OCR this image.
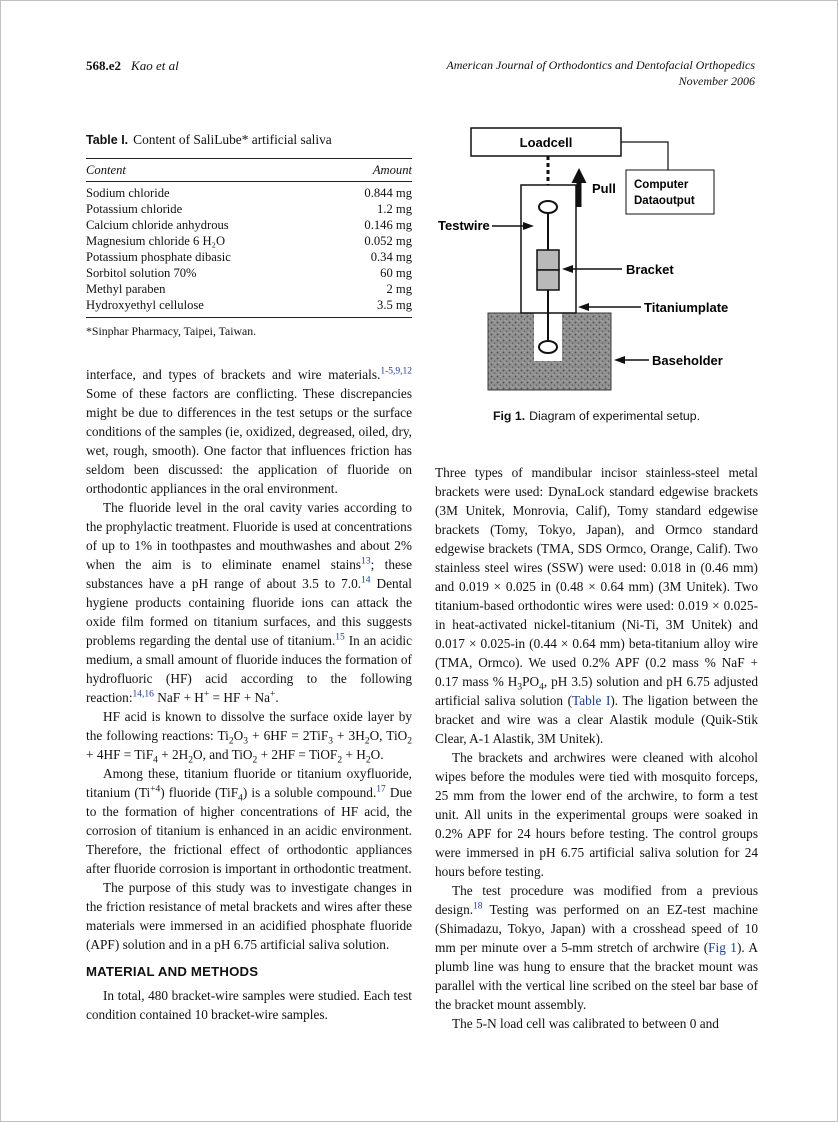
568.e2 Kao et al	American Journal of Orthodontics and Dentofacial Orthopedics
November 2006
Table I. Content of SaliLube* artificial saliva
Content	Amount
Sodium chloride	0.844 mg
Potassium chloride	1.2 mg
Calcium chloride anhydrous	0.146 mg
Magnesium chloride 6 H₂O	0.052 mg
Potassium phosphate dibasic	0.34 mg
Sorbitol solution 70%	60 mg
Methyl paraben	2 mg
Hydroxyethyl cellulose	3.5 mg
*Sinphar Pharmacy, Taipei, Taiwan.

interface, and types of brackets and wire materials.$^{1-5,9,12}$ Some of these factors are conflicting. These discrepancies might be due to differences in the test setups or the surface conditions of the samples (ie, oxidized, degreased, oiled, dry, wet, rough, smooth). One factor that influences friction has seldom been discussed: the application of fluoride on orthodontic appliances in the oral environment.

The fluoride level in the oral cavity varies according to the prophylactic treatment. Fluoride is used at concentrations of up to 1% in toothpastes and mouthwashes and about 2% when the aim is to eliminate enamel stains$^{13}$; these substances have a pH range of about 3.5 to 7.0.14 Dental hygiene products containing fluoride ions can attack the oxide film formed on titanium surfaces, and this suggests problems regarding the dental use of titanium.$^{15}$ In an acidic medium, a small amount of fluoride induces the formation of hydrofluoric (HF) acid according to the following reaction:$^{14,16}$ NaF + H+ = HF + Na+.

HF acid is known to dissolve the surface oxide layer by the following reactions: $Ti_2O_3 + 6HF = 2TiF_3 + 3H_2O$, $TiO_2 + 4HF = TiF_4 + 2H_2O$, and TiO$_2$ + 2HF = TiOF$_2$ + $H_2O$.

Among these, titanium fluoride or titanium oxyfluoride, titanium $(Ti^{+4})$ fluoride (TiF$_4$) is a soluble compound.$^{17}$ Due to the formation of higher concentrations of HF acid, the corrosion of titanium is enhanced in an acidic environment. Therefore, the frictional effect of orthodontic appliances after fluoride corrosion is important in orthodontic treatment.

The purpose of this study was to investigate changes in the friction resistance of metal brackets and wires after these materials were immersed in an acidified phosphate fluoride (APF) solution and in a pH 6.75 artificial saliva solution.

MATERIAL AND METHODS

In total, 480 bracket-wire samples were studied. Each test condition contained 10 bracket-wire samples.

Loadcell
Computer
Dataoutput
Pull
Testwire
Bracket
Titaniumplate
Baseholder
Fig 1. Diagram of experimental setup.

Three types of mandibular incisor stainless-steel metal brackets were used: DynaLock standard edgewise brackets (3M Unitek, Monrovia, Calif), Tomy standard edgewise brackets (Tomy, Tokyo, Japan), and Ormco standard edgewise brackets (TMA, SDS Ormco, Orange, Calif). Two stainless steel wires (SSW) were used: 0.018 in (0.46 mm) and 0.019 × 0.025 in (0.48 × 0.64 mm) (3M Unitek). Two titanium-based orthodontic wires were used: 0.019 × 0.025-in heat-activated nickel-titanium (Ni-Ti, 3M Unitek) and 0.017 × 0.025-in (0.44 × 0.64 mm) beta-titanium alloy wire (TMA, Ormco). We used 0.2% APF (0.2 mass % NaF + 0.17 mass % $H_3PO_4$, pH 3.5) solution and pH 6.75 adjusted artificial saliva solution (Table I). The ligation between the bracket and wire was a clear Alastik module (Quik-Stik Clear, A-1 Alastik, 3M Unitek).

The brackets and archwires were cleaned with alcohol wipes before the modules were tied with mosquito forceps, 25 mm from the lower end of the archwire, to form a test unit. All units in the experimental groups were soaked in 0.2% APF for 24 hours before testing. The control groups were immersed in pH 6.75 artificial saliva solution for 24 hours before testing.

The test procedure was modified from a previous design.$^{18}$ Testing was performed on an EZ-test machine (Shimadazu, Tokyo, Japan) with a crosshead speed of 10 mm per minute over a 5-mm stretch of archwire (Fig 1). A plumb line was hung to ensure that the bracket mount was parallel with the vertical line scribed on the steel bar base of the bracket mount assembly.

The 5-N load cell was calibrated to between 0 and
